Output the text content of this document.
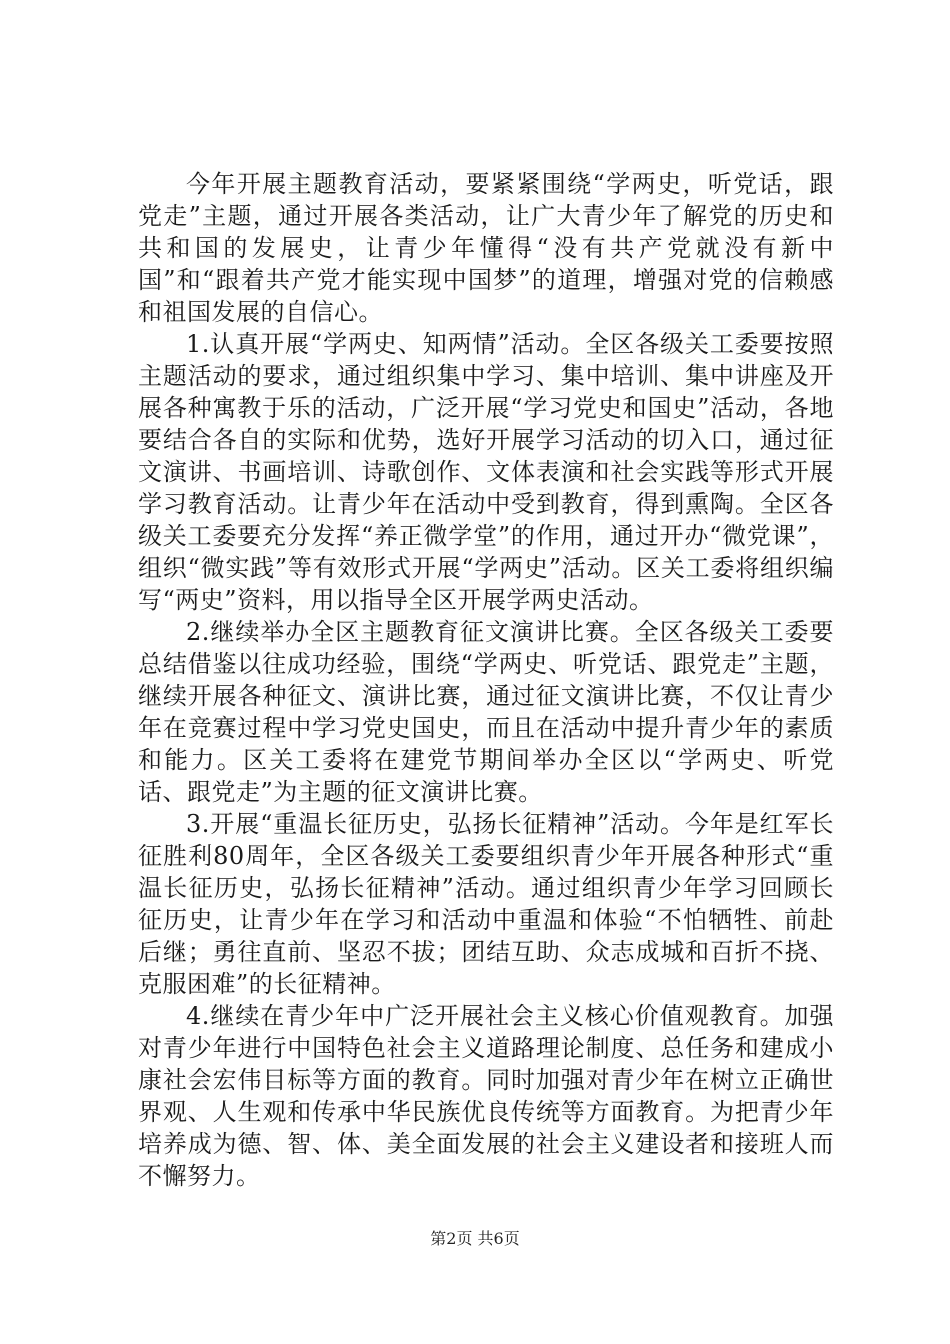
今年开展主题教育活动，要紧紧围绕“学两史，听党话，跟党走”主题，通过开展各类活动，让广大青少年了解党的历史和共和国的发展史，让青少年懂得“没有共产党就没有新中国”和“跟着共产党才能实现中国梦”的道理，增强对党的信赖感和祖国发展的自信心。

1.认真开展“学两史、知两情”活动。全区各级关工委要按照主题活动的要求，通过组织集中学习、集中培训、集中讲座及开展各种寓教于乐的活动，广泛开展“学习党史和国史”活动，各地要结合各自的实际和优势，选好开展学习活动的切入口，通过征文演讲、书画培训、诗歌创作、文体表演和社会实践等形式开展学习教育活动。让青少年在活动中受到教育，得到熏陶。全区各级关工委要充分发挥“养正微学堂”的作用，通过开办“微党课”，组织“微实践”等有效形式开展“学两史”活动。区关工委将组织编写“两史”资料，用以指导全区开展学两史活动。

2.继续举办全区主题教育征文演讲比赛。全区各级关工委要总结借鉴以往成功经验，围绕“学两史、听党话、跟党走”主题，继续开展各种征文、演讲比赛，通过征文演讲比赛，不仅让青少年在竞赛过程中学习党史国史，而且在活动中提升青少年的素质和能力。区关工委将在建党节期间举办全区以“学两史、听党话、跟党走”为主题的征文演讲比赛。

3.开展“重温长征历史，弘扬长征精神”活动。今年是红军长征胜利80周年，全区各级关工委要组织青少年开展各种形式“重温长征历史，弘扬长征精神”活动。通过组织青少年学习回顾长征历史，让青少年在学习和活动中重温和体验“不怕牺牲、前赴后继；勇往直前、坚忍不拔；团结互助、众志成城和百折不挠、克服困难”的长征精神。

4.继续在青少年中广泛开展社会主义核心价值观教育。加强对青少年进行中国特色社会主义道路理论制度、总任务和建成小康社会宏伟目标等方面的教育。同时加强对青少年在树立正确世界观、人生观和传承中华民族优良传统等方面教育。为把青少年培养成为德、智、体、美全面发展的社会主义建设者和接班人而不懈努力。

第2页 共6页
